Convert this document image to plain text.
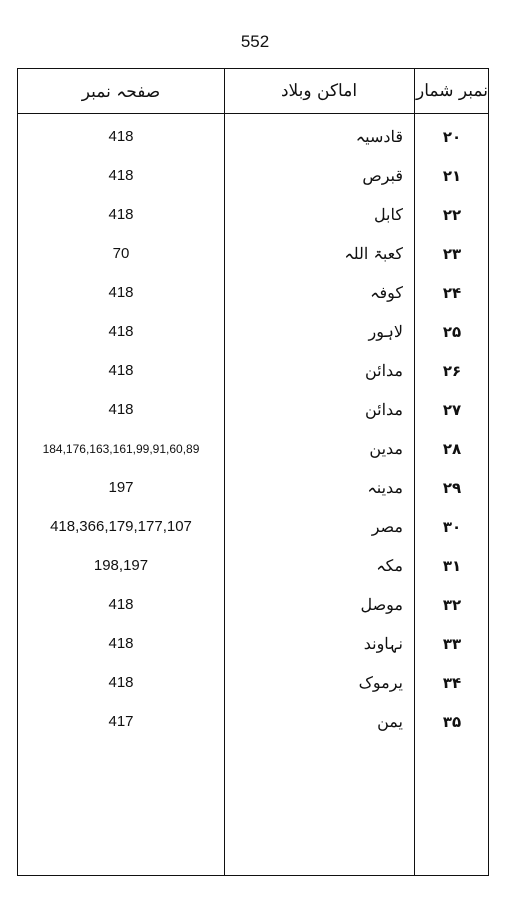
552
صفحہ نمبر	اماکن وبلاد	نمبر شمار
418	قادسیہ	۲۰
418	قبرص	۲۱
418	کابل	۲۲
70	کعبۃ اللہ	۲۳
418	کوفہ	۲۴
418	لاہور	۲۵
418	مدائن	۲۶
418	مدائن	۲۷
184,176,163,161,99,91,60,89	مدین	۲۸
197	مدینہ	۲۹
418,366,179,177,107	مصر	۳۰
198,197	مکہ	۳۱
418	موصل	۳۲
418	نہاوند	۳۳
418	یرموک	۳۴
417	یمن	۳۵
